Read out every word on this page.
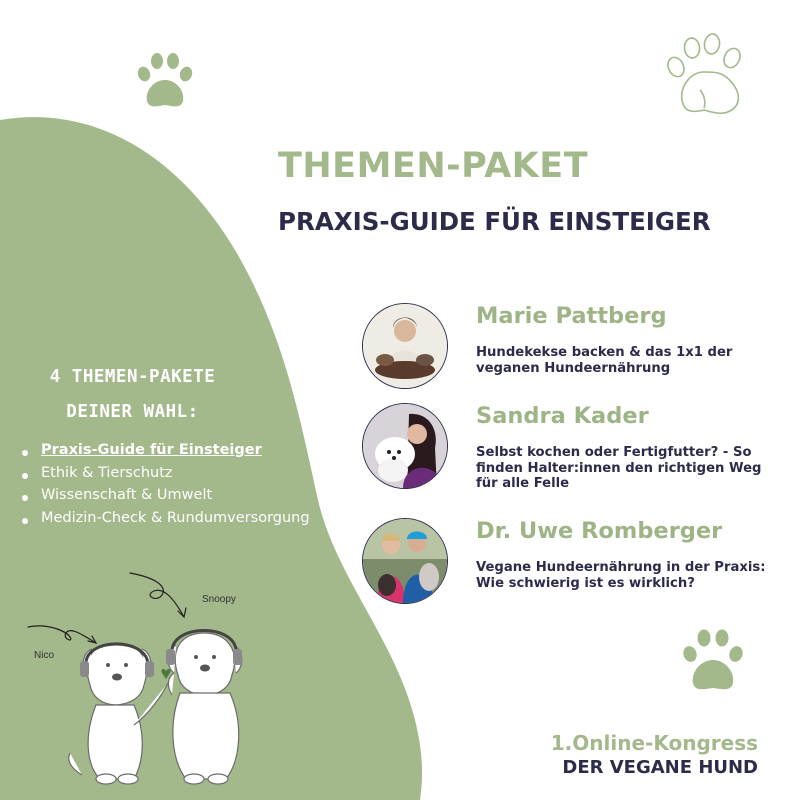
THEMEN-PAKET
PRAXIS-GUIDE FÜR EINSTEIGER

Marie Pattberg

Hundekekse backen & das 1x1 der veganen Hundeernährung

Sandra Kader

Selbst kochen oder Fertigfutter? - So finden Halter:innen den richtigen Weg für alle Felle

Dr. Uwe Romberger

Vegane Hundeernährung in der Praxis: Wie schwierig ist es wirklich?

4 THEMEN-PAKETE
DEINER WAHL:
Praxis-Guide für Einsteiger
Ethik & Tierschutz
Wissenschaft & Umwelt
Medizin-Check & Rundumversorgung
Nico
Snoopy

1.Online-Kongress

DER VEGANE HUND
